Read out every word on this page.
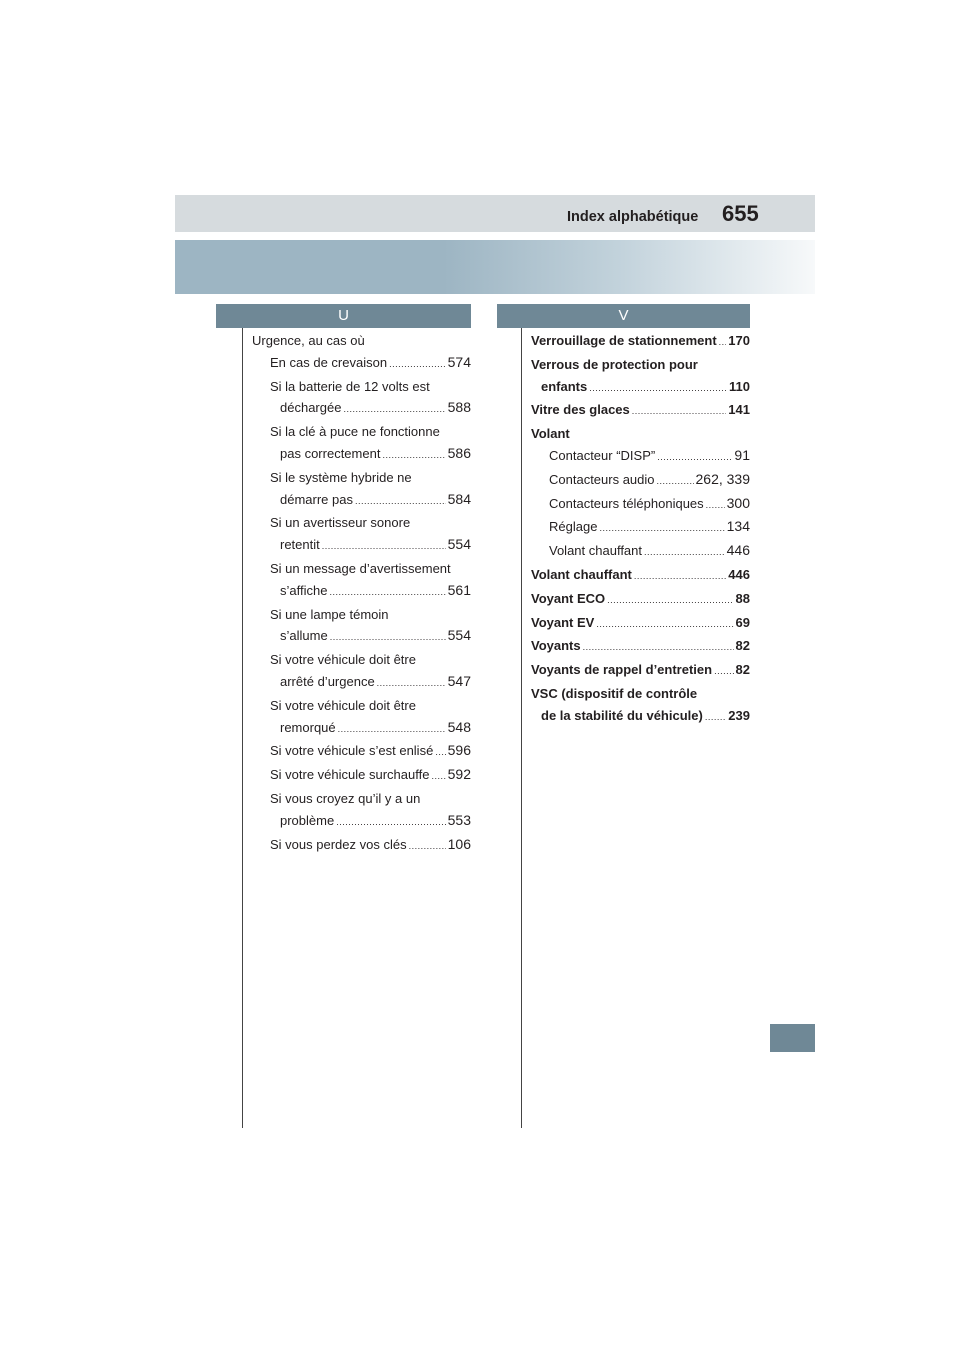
Index alphabétique 655
U	V
Urgence, au cas où
En cas de crevaison .....	574
Si la batterie de 12 volts est
déchargée .....	588
Si la clé à puce ne fonctionne
pas correctement .....	586
Si le système hybride ne
démarre pas .....	584
Si un avertisseur sonore
retentit .....	554
Si un message d’avertissement
s’affiche .....	561
Si une lampe témoin
s’allume .....	554
Si votre véhicule doit être
arrêté d’urgence .....	547
Si votre véhicule doit être
remorqué .....	548
Si votre véhicule s’est enlisé ..... 596
Si votre véhicule surchauffe ..... 592
Si vous croyez qu’il y a un
problème .....	553
Si vous perdez vos clés .....	106
Verrouillage de stationnement ..... 170
Verrous de protection pour
enfants .....	110
Vitre des glaces .....	141
Volant
Contacteur “DISP” .....	91
Contacteurs audio .....	262, 339
Contacteurs téléphoniques ..... 300
Réglage .....	134
Volant chauffant .....	446
Volant chauffant .....	446
Voyant ECO .....	88
Voyant EV .....	69
Voyants .....	82
Voyants de rappel d’entretien ..... 82
VSC (dispositif de contrôle
de la stabilité du véhicule) ..... 239
